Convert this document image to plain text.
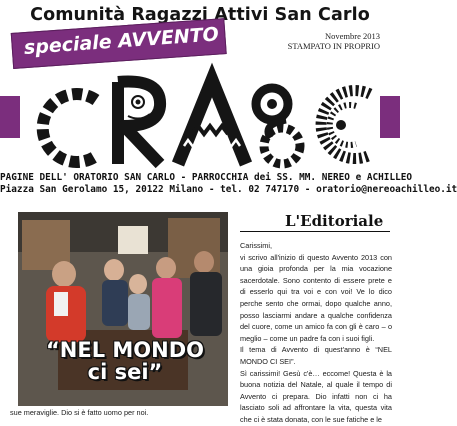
Comunità Ragazzi Attivi San Carlo
speciale AVVENTO	Novembre 2013
STAMPATO IN PROPRIO
PAGINE DELL' ORATORIO SAN CARLO - PARROCCHIA dei SS. MM. NEREO e ACHILLEO
Piazza San Gerolamo 15, 20122 Milano - tel. 02 747170 - oratorio@nereoachilleo.it
“NEL MONDO
ci sei”
L'Editoriale
Carissimi,
vi scrivo all'inizio di questo Avvento 2013 con una gioia profonda per la mia vocazione sacerdotale. Sono contento di essere prete e di esserlo qui tra voi e con voi! Ve lo dico perche sento che ormai, dopo qualche anno, posso lasciarmi andare a qualche confidenza del cuore, come un amico fa con gli è caro – o meglio – come un padre fa con i suoi figli.
Il tema di Avvento di quest'anno è “NEL MONDO CI SEI”.
Sì carissimi! Gesù c'è… eccome! Questa è la buona notizia del Natale, al quale il tempo di Avvento ci prepara. Dio infatti non ci ha lasciato soli ad affrontare la vita, questa vita che ci è stata donata, con le sue fatiche e le
sue meraviglie. Dio si è fatto uomo per noi.
